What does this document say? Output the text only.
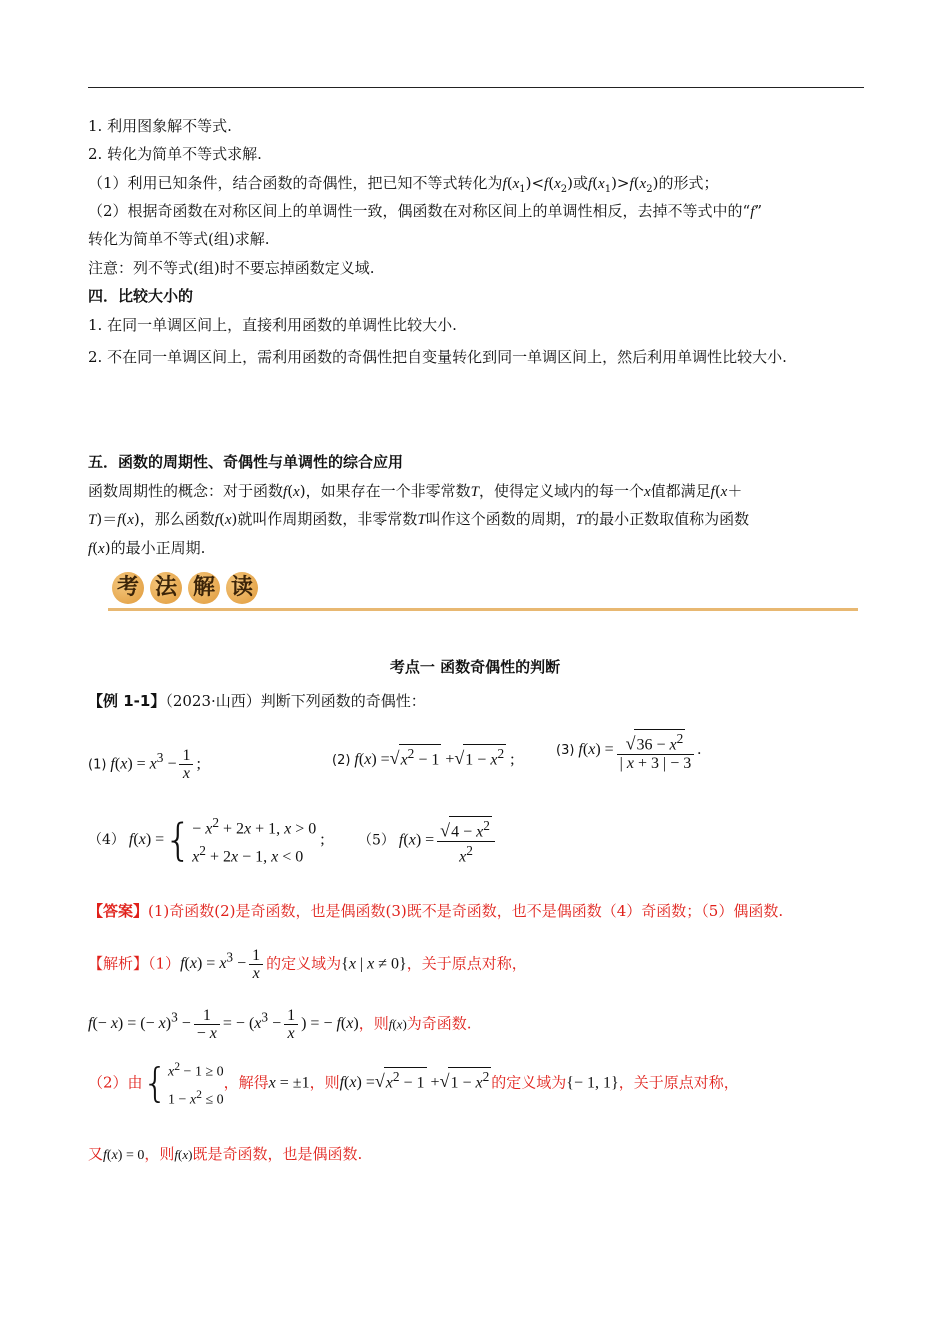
1. 利用图象解不等式.
2. 转化为简单不等式求解.
（1）利用已知条件，结合函数的奇偶性，把已知不等式转化为$f(x_1)<f(x_2)$或$f(x_1)>f(x_2)$的形式；
（2）根据奇函数在对称区间上的单调性一致，偶函数在对称区间上的单调性相反，去掉不等式中的“f”
转化为简单不等式(组)求解.
注意：列不等式(组)时不要忘掉函数定义域.
四．比较大小的
1. 在同一单调区间上，直接利用函数的单调性比较大小.
2. 不在同一单调区间上，需利用函数的奇偶性把自变量转化到同一单调区间上，然后利用单调性比较大小.
五．函数的周期性、奇偶性与单调性的综合应用
函数周期性的概念：对于函数f(x)，如果存在一个非零常数T，使得定义域内的每一个x值都满足f(x＋
T)＝f(x)，那么函数f(x)就叫作周期函数，非零常数T叫作这个函数的周期，T的最小正数取值称为函数
f(x)的最小正周期.
考 法 解 读
考点一 函数奇偶性的判断
【例 1-1】（2023·山西）判断下列函数的奇偶性：
(1) $f(x) = x^3 - \frac{1}{x}$ ;	(2) $f(x) =√x^2 - 1 +√1 - x^2$ ;
(3) $f(x) = \frac{√36 - x^2}{| x + 3 | - 3}$ .
（4） f(x) ={ − $x^2 + 2x + 1$, x > 0
$x^2 + 2x - 1$, x < 0
; （5） $f(x) = \frac{√4 - x^2}{x^2}$
【答案】(1)奇函数(2)是奇函数，也是偶函数(3)既不是奇函数，也不是偶函数（4）奇函数；（5）偶函数.
【解析】$(1)f(x) = x^3 - \frac{1}{x}$ 的定义域为{x | x ≠ 0}，关于原点对称，
f(− x) = (− $x)^3 - \frac{1}{- x}$ = − ($x^3 - \frac{1}{x}$ ) = − f(x)，则f(x)为奇函数.
（2）由{ $x^2 - 1 \ge 0$
$1 - x^2 \le 0$
，解得x = ±1，则$f(x) =√x^2 - 1 +√1 - x^2$ 的定义域为{− 1, 1}，关于原点对称，
又f(x) = 0，则f(x)既是奇函数，也是偶函数.
